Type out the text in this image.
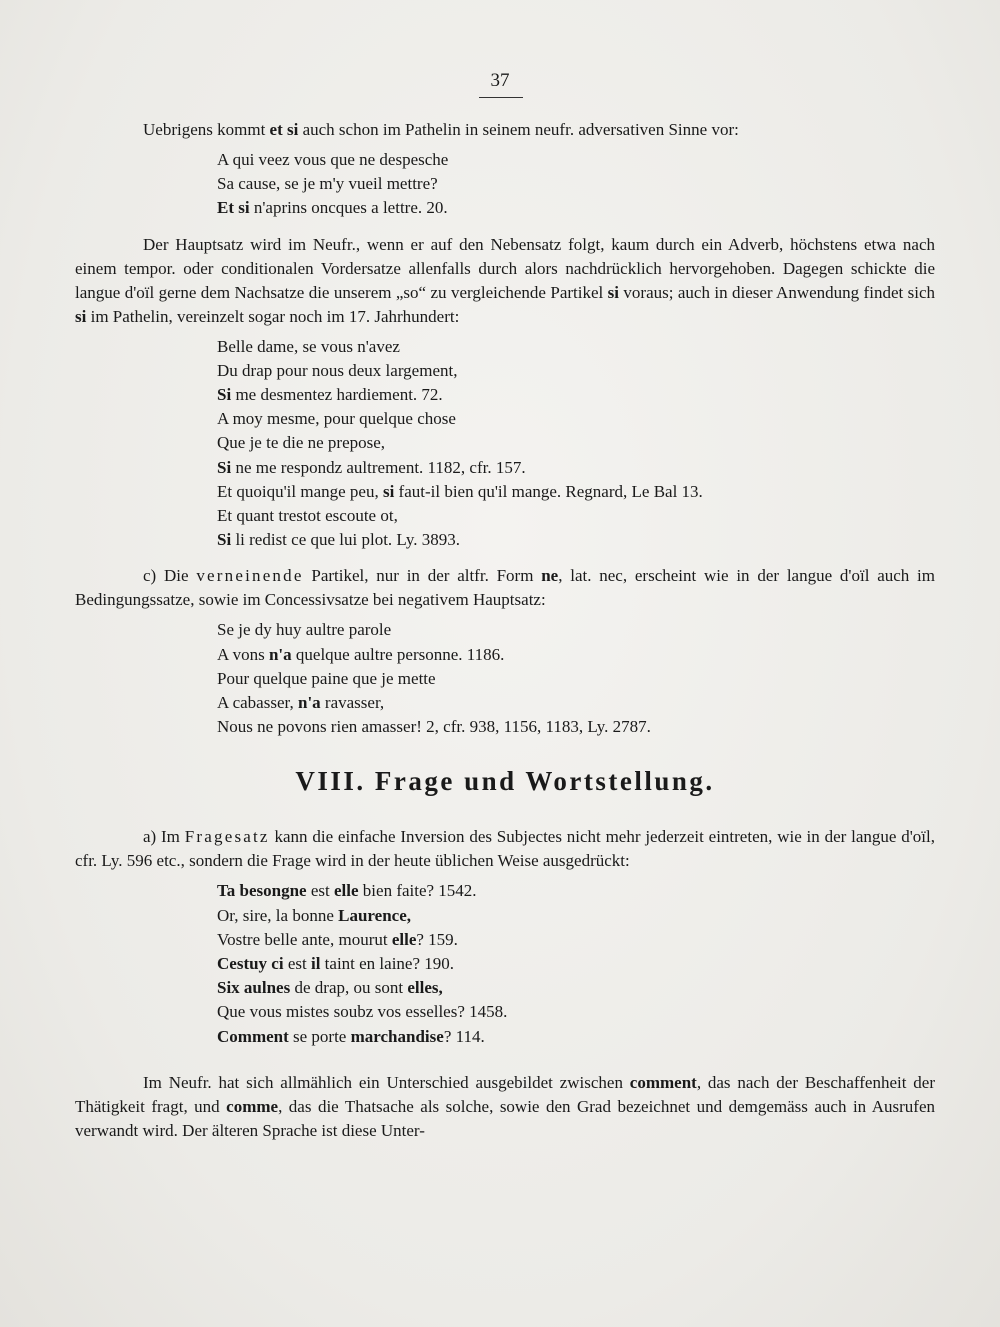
37

Uebrigens kommt et si auch schon im Pathelin in seinem neufr. adversativen Sinne vor:

A qui veez vous que ne despesche
Sa cause, se je m'y vueil mettre?
Et si n'aprins oncques a lettre. 20.

Der Hauptsatz wird im Neufr., wenn er auf den Nebensatz folgt, kaum durch ein Adverb, höchstens etwa nach einem tempor. oder conditionalen Vordersatze allenfalls durch alors nachdrücklich hervorgehoben. Dagegen schickte die langue d'oïl gerne dem Nachsatze die unserem „so“ zu vergleichende Partikel si voraus; auch in dieser Anwendung findet sich si im Pathelin, vereinzelt sogar noch im 17. Jahrhundert:

Belle dame, se vous n'avez
Du drap pour nous deux largement,
Si me desmentez hardiement. 72.
A moy mesme, pour quelque chose
Que je te die ne prepose,
Si ne me respondz aultrement. 1182, cfr. 157.
Et quoiqu'il mange peu, si faut-il bien qu'il mange. Regnard, Le Bal 13.
Et quant trestot escoute ot,
Si li redist ce que lui plot. Ly. 3893.

c) Die verneinende Partikel, nur in der altfr. Form ne, lat. nec, erscheint wie in der langue d'oïl auch im Bedingungssatze, sowie im Concessivsatze bei negativem Hauptsatz:

Se je dy huy aultre parole
A vons n'a quelque aultre personne. 1186.
Pour quelque paine que je mette
A cabasser, n'a ravasser,
Nous ne povons rien amasser! 2, cfr. 938, 1156, 1183, Ly. 2787.
VIII. Frage und Wortstellung.

a) Im Fragesatz kann die einfache Inversion des Subjectes nicht mehr jederzeit eintreten, wie in der langue d'oïl, cfr. Ly. 596 etc., sondern die Frage wird in der heute üblichen Weise ausgedrückt:

Ta besongne est elle bien faite? 1542.
Or, sire, la bonne Laurence,
Vostre belle ante, mourut elle? 159.
Cestuy ci est il taint en laine? 190.
Six aulnes de drap, ou sont elles,
Que vous mistes soubz vos esselles? 1458.
Comment se porte marchandise? 114.

Im Neufr. hat sich allmählich ein Unterschied ausgebildet zwischen comment, das nach der Beschaffenheit der Thätigkeit fragt, und comme, das die Thatsache als solche, sowie den Grad bezeichnet und demgemäss auch in Ausrufen verwandt wird. Der älteren Sprache ist diese Unter-
